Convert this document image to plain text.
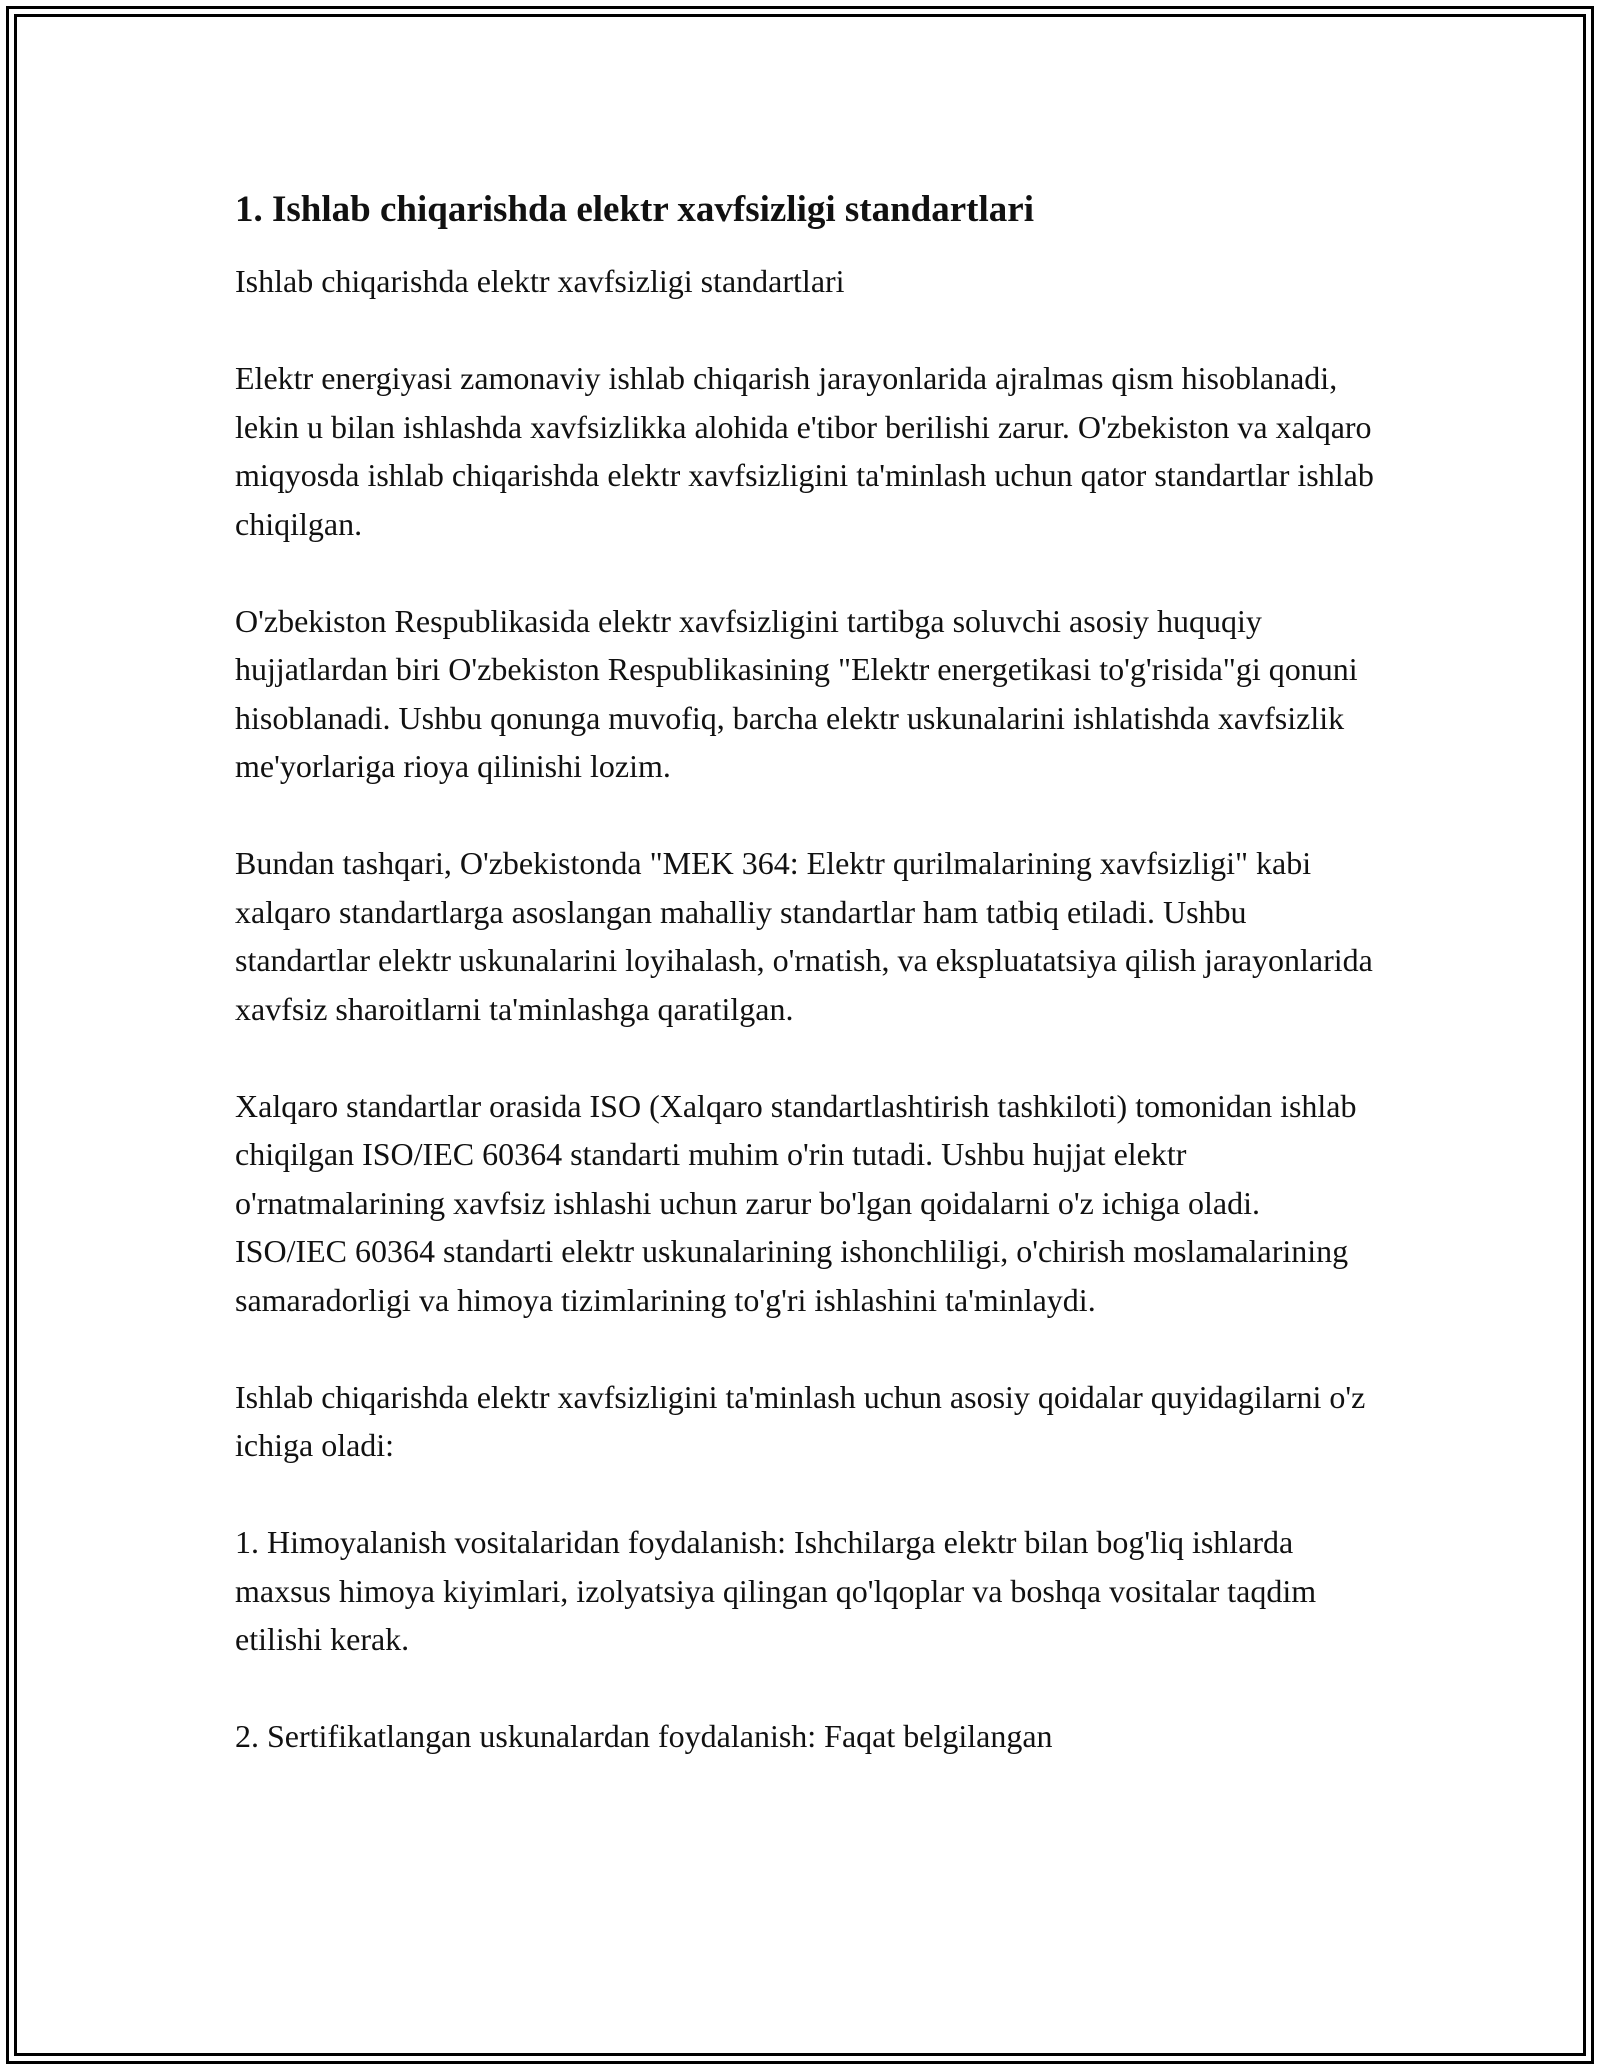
1. Ishlab chiqarishda elektr xavfsizligi standartlari

Ishlab chiqarishda elektr xavfsizligi standartlari

Elektr energiyasi zamonaviy ishlab chiqarish jarayonlarida ajralmas qism hisoblanadi, lekin u bilan ishlashda xavfsizlikka alohida e'tibor berilishi zarur. O'zbekiston va xalqaro miqyosda ishlab chiqarishda elektr xavfsizligini ta'minlash uchun qator standartlar ishlab chiqilgan.

O'zbekiston Respublikasida elektr xavfsizligini tartibga soluvchi asosiy huquqiy hujjatlardan biri O'zbekiston Respublikasining "Elektr energetikasi to'g'risida"gi qonuni hisoblanadi. Ushbu qonunga muvofiq, barcha elektr uskunalarini ishlatishda xavfsizlik me'yorlariga rioya qilinishi lozim.

Bundan tashqari, O'zbekistonda "MEK 364: Elektr qurilmalarining xavfsizligi" kabi xalqaro standartlarga asoslangan mahalliy standartlar ham tatbiq etiladi. Ushbu standartlar elektr uskunalarini loyihalash, o'rnatish, va ekspluatatsiya qilish jarayonlarida xavfsiz sharoitlarni ta'minlashga qaratilgan.

Xalqaro standartlar orasida ISO (Xalqaro standartlashtirish tashkiloti) tomonidan ishlab chiqilgan ISO/IEC 60364 standarti muhim o'rin tutadi. Ushbu hujjat elektr o'rnatmalarining xavfsiz ishlashi uchun zarur bo'lgan qoidalarni o'z ichiga oladi. ISO/IEC 60364 standarti elektr uskunalarining ishonchliligi, o'chirish moslamalarining samaradorligi va himoya tizimlarining to'g'ri ishlashini ta'minlaydi.

Ishlab chiqarishda elektr xavfsizligini ta'minlash uchun asosiy qoidalar quyidagilarni o'z ichiga oladi:

1. Himoyalanish vositalaridan foydalanish: Ishchilarga elektr bilan bog'liq ishlarda maxsus himoya kiyimlari, izolyatsiya qilingan qo'lqoplar va boshqa vositalar taqdim etilishi kerak.

2. Sertifikatlangan uskunalardan foydalanish: Faqat belgilangan
